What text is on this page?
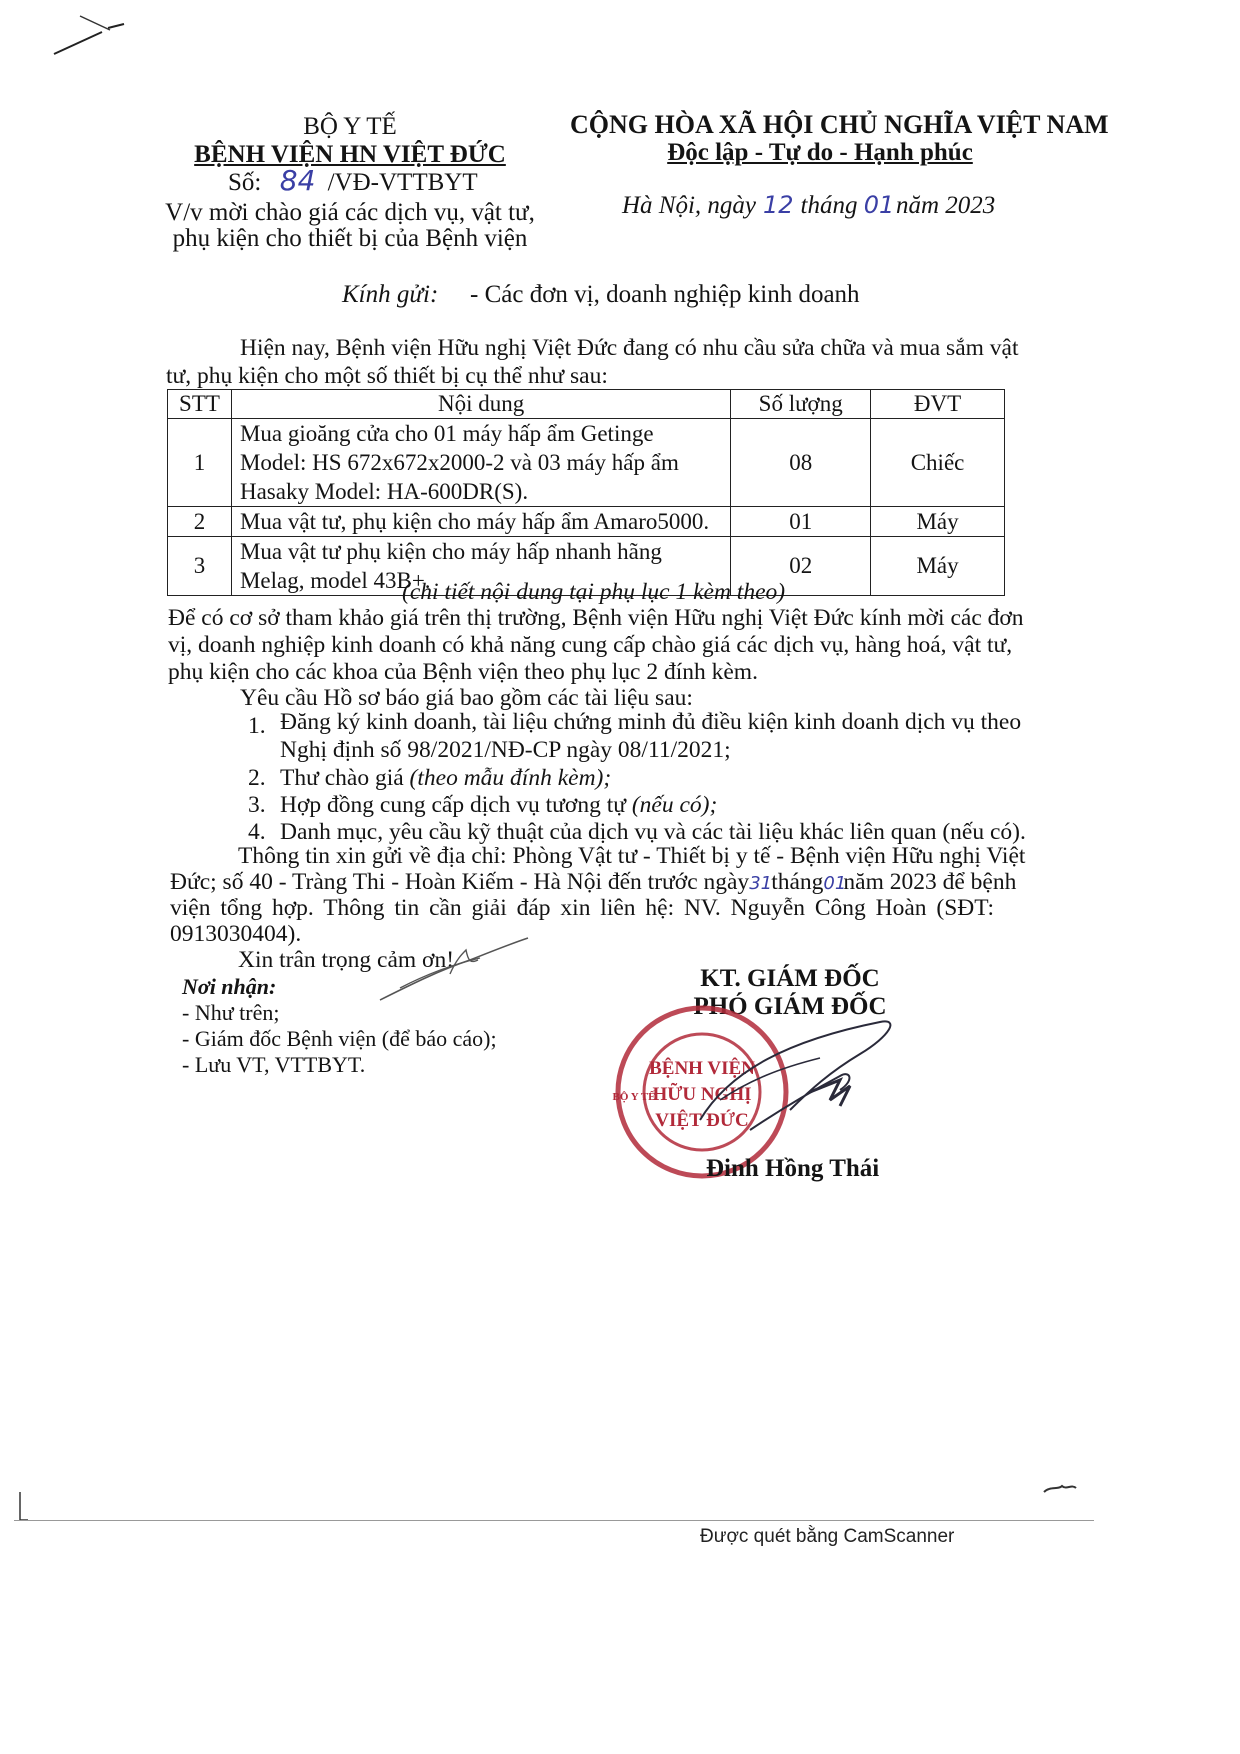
BỘ Y TẾ
BỆNH VIỆN HN VIỆT ĐỨC
Số: 84 /VĐ-VTTBYT
V/v mời chào giá các dịch vụ, vật tư,
phụ kiện cho thiết bị của Bệnh viện
CỘNG HÒA XÃ HỘI CHỦ NGHĨA VIỆT NAM
Độc lập - Tự do - Hạnh phúc
Hà Nội, ngày 12 tháng 01 năm 2023
Kính gửi: - Các đơn vị, doanh nghiệp kinh doanh
Hiện nay, Bệnh viện Hữu nghị Việt Đức đang có nhu cầu sửa chữa và mua sắm vật
tư, phụ kiện cho một số thiết bị cụ thể như sau:
STT	Nội dung	Số lượng	ĐVT
1	Mua gioăng cửa cho 01 máy hấp ẩm Getinge
Model: HS 672x672x2000-2 và 03 máy hấp ẩm
Hasaky Model: HA-600DR(S).	08	Chiếc
2	Mua vật tư, phụ kiện cho máy hấp ẩm Amaro5000.	01	Máy
3	Mua vật tư phụ kiện cho máy hấp nhanh hãng
Melag, model 43B+.	02	Máy
(chi tiết nội dung tại phụ lục 1 kèm theo)
Để có cơ sở tham khảo giá trên thị trường, Bệnh viện Hữu nghị Việt Đức kính mời các đơn
vị, doanh nghiệp kinh doanh có khả năng cung cấp chào giá các dịch vụ, hàng hoá, vật tư,
phụ kiện cho các khoa của Bệnh viện theo phụ lục 2 đính kèm.
Yêu cầu Hồ sơ báo giá bao gồm các tài liệu sau:
1. Đăng ký kinh doanh, tài liệu chứng minh đủ điều kiện kinh doanh dịch vụ theo
Nghị định số 98/2021/NĐ-CP ngày 08/11/2021;
2. Thư chào giá (theo mẫu đính kèm);
3. Hợp đồng cung cấp dịch vụ tương tự (nếu có);
4. Danh mục, yêu cầu kỹ thuật của dịch vụ và các tài liệu khác liên quan (nếu có).
Thông tin xin gửi về địa chỉ: Phòng Vật tư - Thiết bị y tế - Bệnh viện Hữu nghị Việt
Đức; số 40 - Tràng Thi - Hoàn Kiếm - Hà Nội đến trước ngày31tháng01năm 2023 để bệnh
viện tổng hợp. Thông tin cần giải đáp xin liên hệ: NV. Nguyễn Công Hoàn (SĐT:
0913030404).
Xin trân trọng cảm ơn!
Nơi nhận:
- Như trên;
- Giám đốc Bệnh viện (để báo cáo);
- Lưu VT, VTTBYT.
KT. GIÁM ĐỐC
PHÓ GIÁM ĐỐC
BỆNH VIỆN
HỮU NGHỊ
VIỆT ĐỨC
BỘ Y TẾ
Đinh Hồng Thái
Được quét bằng CamScanner
